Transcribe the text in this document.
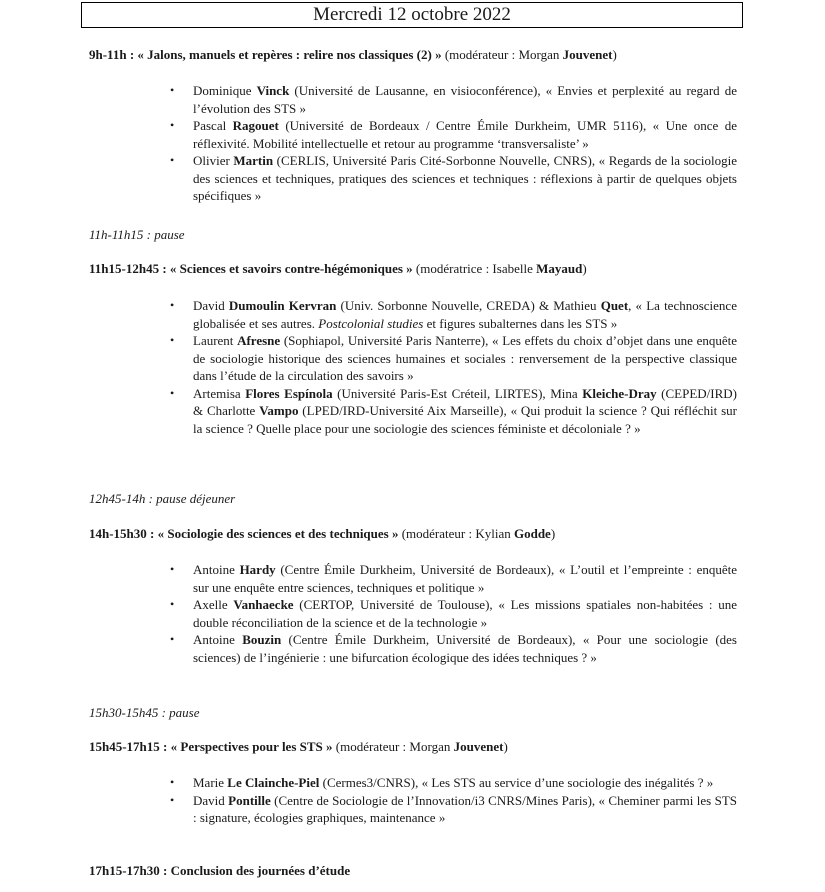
Mercredi 12 octobre 2022
9h-11h : « Jalons, manuels et repères : relire nos classiques (2) » (modérateur : Morgan Jouvenet)
• Dominique Vinck (Université de Lausanne, en visioconférence), « Envies et perplexité au regard de l’évolution des STS »
• Pascal Ragouet (Université de Bordeaux / Centre Émile Durkheim, UMR 5116), « Une once de réflexivité. Mobilité intellectuelle et retour au programme ‘transversaliste’ »
• Olivier Martin (CERLIS, Université Paris Cité-Sorbonne Nouvelle, CNRS), « Regards de la sociologie des sciences et techniques, pratiques des sciences et techniques : réflexions à partir de quelques objets spécifiques »
11h-11h15 : pause
11h15-12h45 : « Sciences et savoirs contre-hégémoniques » (modératrice : Isabelle Mayaud)
• David Dumoulin Kervran (Univ. Sorbonne Nouvelle, CREDA) & Mathieu Quet, « La technoscience globalisée et ses autres. Postcolonial studies et figures subalternes dans les STS »
• Laurent Afresne (Sophiapol, Université Paris Nanterre), « Les effets du choix d’objet dans une enquête de sociologie historique des sciences humaines et sociales : renversement de la perspective classique dans l’étude de la circulation des savoirs »
• Artemisa Flores Espínola (Université Paris-Est Créteil, LIRTES), Mina Kleiche-Dray (CEPED/IRD) & Charlotte Vampo (LPED/IRD-Université Aix Marseille), « Qui produit la science ? Qui réfléchit sur la science ? Quelle place pour une sociologie des sciences féministe et décoloniale ? »
12h45-14h : pause déjeuner
14h-15h30 : « Sociologie des sciences et des techniques » (modérateur : Kylian Godde)
• Antoine Hardy (Centre Émile Durkheim, Université de Bordeaux), « L’outil et l’empreinte : enquête sur une enquête entre sciences, techniques et politique »
• Axelle Vanhaecke (CERTOP, Université de Toulouse), « Les missions spatiales non-habitées : une double réconciliation de la science et de la technologie »
• Antoine Bouzin (Centre Émile Durkheim, Université de Bordeaux), « Pour une sociologie (des sciences) de l’ingénierie : une bifurcation écologique des idées techniques ? »
15h30-15h45 : pause
15h45-17h15 : « Perspectives pour les STS » (modérateur : Morgan Jouvenet)
• Marie Le Clainche-Piel (Cermes3/CNRS), « Les STS au service d’une sociologie des inégalités ? »
• David Pontille (Centre de Sociologie de l’Innovation/i3 CNRS/Mines Paris), « Cheminer parmi les STS : signature, écologies graphiques, maintenance »
17h15-17h30 : Conclusion des journées d’étude
